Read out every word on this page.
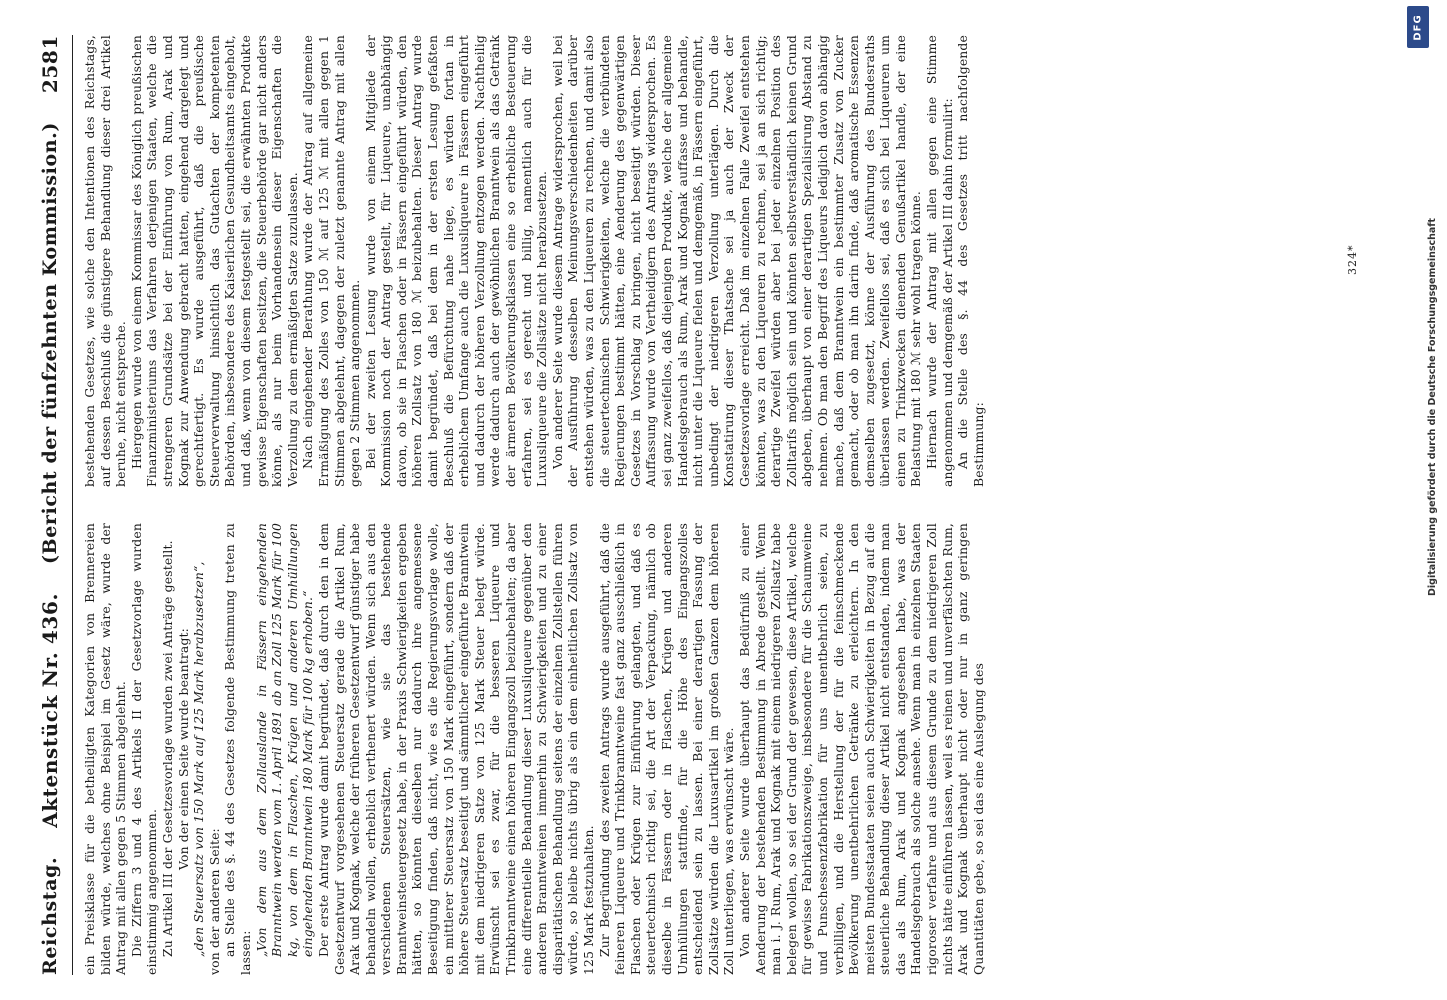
Reichstag.
Aktenstück Nr. 436.
(Bericht der fünfzehnten Kommission.)
2581

ein Preisklasse für die betheiligten Kategorien von Brennereien bilden würde, welches ohne Beispiel im Gesetz wäre, wurde der Antrag mit allen gegen 5 Stimmen abgelehnt. Die Ziffern 3 und 4 des Artikels II der Gesetzvorlage wurden einstimmig angenommen. Zu Artikel III der Gesetzesvorlage wurden zwei Anträge gestellt. Von der einen Seite wurde beantragt: „den Steuersatz von 150 Mark auf 125 Mark herabzusetzen“, von der anderen Seite: an Stelle des §. 44 des Gesetzes folgende Bestimmung treten zu lassen: „Von dem aus dem Zollauslande in Fässern eingehenden Branntwein werden vom 1. April 1891 ab an Zoll 125 Mark für 100 kg, von dem in Flaschen, Krügen und anderen Umhüllungen eingehenden Branntwein 180 Mark für 100 kg erhoben.“ Der erste Antrag wurde damit begründet, daß durch den in dem Gesetzentwurf vorgesehenen Steuersatz gerade die Artikel Rum, Arak und Kognak, welche der früheren Gesetzentwurf günstiger habe behandeln wollen, erheblich verthenert würden. Wenn sich aus den verschiedenen Steuersätzen, wie sie das bestehende Branntweinsteuergesetz habe, in der Praxis Schwierigkeiten ergeben hätten, so könnten dieselben nur dadurch ihre angemessene Beseitigung finden, daß nicht, wie es die Regierungsvorlage wolle, ein mittlerer Steuersatz von 150 Mark eingeführt, sondern daß der höhere Steuersatz beseitigt und sämmtlicher eingeführte Branntwein mit dem niedrigeren Satze von 125 Mark Steuer belegt würde. Erwünscht sei es zwar, für die besseren Liqueure und Trinkbranntweine einen höheren Eingangszoll beizubehalten; da aber eine differentielle Behandlung dieser Luxusliqueure gegenüber den anderen Branntweinen immerhin zu Schwierigkeiten und zu einer disparitätischen Behandlung seitens der einzelnen Zollstellen führen würde, so bleibe nichts übrig als ein dem einheitlichen Zollsatz von 125 Mark festzuhalten. Zur Begründung des zweiten Antrags wurde ausgeführt, daß die feineren Liqueure und Trinkbranntweine fast ganz ausschließlich in Flaschen oder Krügen zur Einführung gelangten, und daß es steuertechnisch richtig sei, die Art der Verpackung, nämlich ob dieselbe in Fässern oder in Flaschen, Krügen und anderen Umhüllungen stattfinde, für die Höhe des Eingangszolles entscheidend sein zu lassen. Bei einer derartigen Fassung der Zollsätze würden die Luxusartikel im großen Ganzen dem höheren Zoll unterliegen, was erwünscht wäre. Von anderer Seite wurde überhaupt das Bedürfniß zu einer Aenderung der bestehenden Bestimmung in Abrede gestellt. Wenn man i. J. Rum, Arak und Kognak mit einem niedrigeren Zollsatz habe belegen wollen, so sei der Grund der gewesen, diese Artikel, welche für gewisse Fabrikationszweige, insbesondere für die Schaumweine und Punschessenzfabrikation für uns unentbehrlich seien, zu verbilligen, und die Herstellung der für die feinschmeckende Bevölkerung unentbehrlichen Getränke zu erleichtern. In den meisten Bundesstaaten seien auch Schwierigkeiten in Bezug auf die steuerliche Behandlung dieser Artikel nicht entstanden, indem man das als Rum, Arak und Kognak angesehen habe, was der Handelsgebrauch als solche ansehe. Wenn man in einzelnen Staaten rigoroser verfahre und aus diesem Grunde zu dem niedrigeren Zoll nichts hätte einführen lassen, weil es reinen und unverfälschten Rum, Arak und Kognak überhaupt nicht oder nur in ganz geringen Quantitäten gebe, so sei das eine Auslegung des

bestehenden Gesetzes, wie solche den Intentionen des Reichstags, auf dessen Beschluß die günstigere Behandlung dieser drei Artikel beruhe, nicht entspreche. Hiergegen wurde von einem Kommissar des Königlich preußischen Finanzministeriums das Verfahren derjenigen Staaten, welche die strengeren Grundsätze bei der Einführung von Rum, Arak und Kognak zur Anwendung gebracht hatten, eingehend dargelegt und gerechtfertigt. Es wurde ausgeführt, daß die preußische Steuerverwaltung hinsichtlich das Gutachten der kompetenten Behörden, insbesondere des Kaiserlichen Gesundheitsamts eingeholt, und daß, wenn von diesem festgestellt sei, die erwähnten Produkte gewisse Eigenschaften besitzen, die Steuerbehörde gar nicht anders könne, als nur beim Vorhandensein dieser Eigenschaften die Verzollung zu dem ermäßigten Satze zuzulassen. Nach eingehender Berathung wurde der Antrag auf allgemeine Ermäßigung des Zolles von 150 ℳ auf 125 ℳ mit allen gegen 1 Stimmen abgelehnt, dagegen der zuletzt genannte Antrag mit allen gegen 2 Stimmen angenommen. Bei der zweiten Lesung wurde von einem Mitgliede der Kommission noch der Antrag gestellt, für Liqueure, unabhängig davon, ob sie in Flaschen oder in Fässern eingeführt würden, den höheren Zollsatz von 180 ℳ beizubehalten. Dieser Antrag wurde damit begründet, daß bei dem in der ersten Lesung gefaßten Beschluß die Befürchtung nahe liege, es würden fortan in erheblichem Umfange auch die Luxusliqueure in Fässern eingeführt und dadurch der höheren Verzollung entzogen werden. Nachtheilig werde dadurch auch der gewöhnlichen Branntwein als das Getränk der ärmeren Bevölkerungsklassen eine so erhebliche Besteuerung erfahren, sei es gerecht und billig, namentlich auch für die Luxusliqueure die Zollsätze nicht herabzusetzen. Von anderer Seite wurde diesem Antrage widersprochen, weil bei der Ausführung desselben Meinungsverschiedenheiten darüber entstehen würden, was zu den Liqueuren zu rechnen, und damit also die steuertechnischen Schwierigkeiten, welche die verbündeten Regierungen bestimmt hätten, eine Aenderung des gegenwärtigen Gesetzes in Vorschlag zu bringen, nicht beseitigt würden. Dieser Auffassung wurde von Vertheidigern des Antrags widersprochen. Es sei ganz zweifellos, daß diejenigen Produkte, welche der allgemeine Handelsgebrauch als Rum, Arak und Kognak auffasse und behandle, nicht unter die Liqueure fielen und demgemäß, in Fässern eingeführt, unbedingt der niedrigeren Verzollung unterlägen. Durch die Konstatirung dieser Thatsache sei ja auch der Zweck der Gesetzesvorlage erreicht. Daß im einzelnen Falle Zweifel entstehen könnten, was zu den Liqueuren zu rechnen, sei ja an sich richtig; derartige Zweifel würden aber bei jeder einzelnen Position des Zolltarifs möglich sein und könnten selbstverständlich keinen Grund abgeben, überhaupt von einer derartigen Spezialisirung Abstand zu nehmen. Ob man den Begriff des Liqueurs lediglich davon abhängig mache, daß dem Branntwein ein bestimmter Zusatz von Zucker gemacht, oder ob man ihn darin finde, daß aromatische Essenzen demselben zugesetzt, könne der Ausführung des Bundesraths überlassen werden. Zweifellos sei, daß es sich bei Liqueuren um einen zu Trinkzwecken dienenden Genußartikel handle, der eine Belastung mit 180 ℳ sehr wohl tragen könne. Hiernach wurde der Antrag mit allen gegen eine Stimme angenommen und demgemäß der Artikel III dahin formulirt: An die Stelle des §. 44 des Gesetzes tritt nachfolgende Bestimmung:

324*
DFG
Digitalisierung gefördert durch die Deutsche Forschungsgemeinschaft
